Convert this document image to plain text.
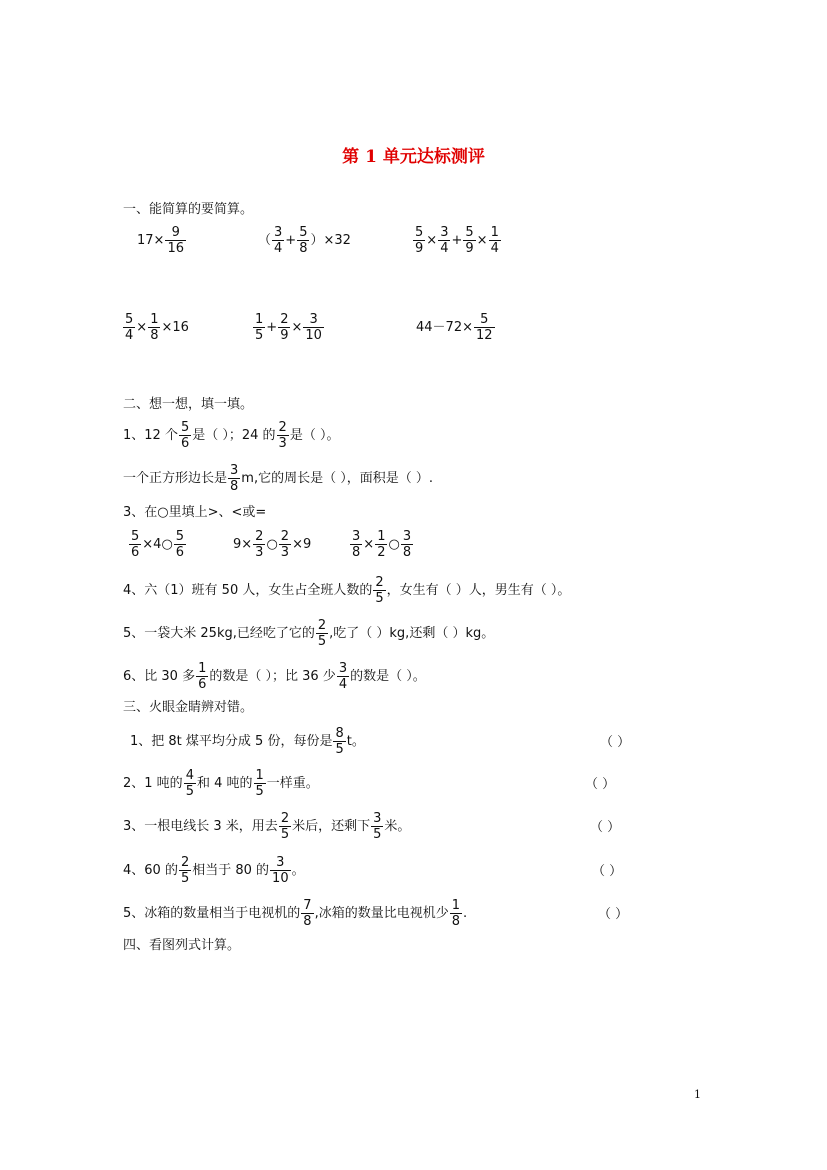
第 1 单元达标测评
一、能简算的要简算。
$17\times \frac{9}{16}$	（ $\frac{3}{4} + \frac{5}{8} )\times 32$	$\frac{5}{9} \times \frac{3}{4} + \frac{5}{9} \times \frac{1}{4}$
$\frac{5}{4} \times \frac{1}{8} \times 16$	$\frac{1}{5} + \frac{2}{9} \times \frac{3}{10}$	$44-72\times \frac{5}{12}$
二、想一想，填一填。
1、12 个 $\frac{5}{6}$ 是（ ）；24 的 $\frac{2}{3}$ 是（ ）。
一个正方形边长是 $\frac{3}{8} m$,它的周长是（ ），面积是（ ）.
3、在○里填上>、<或=
$\frac{5}{6}$ ×4○ $\frac{5}{6}$	$9\times \frac{2}{3}$ ○ $\frac{2}{3} \times 9$	$\frac{3}{8} \times \frac{1}{2}$ ○ $\frac{3}{8}$
4、六（1）班有 50 人，女生占全班人数的 $\frac{2}{5}$ ，女生有（ ）人，男生有（ ）。
5、一袋大米 25kg,已经吃了它的 $\frac{2}{5}$ ,吃了（ ）kg,还剩（ ）kg。
6、比 30 多 $\frac{1}{6}$ 的数是（ ）；比 36 少 $\frac{3}{4}$ 的数是（ ）。
三、火眼金睛辨对错。
1、把 8t 煤平均分成 5 份，每份是 $\frac{8}{5}$ t。	（ ）
2、1 吨的 $\frac{4}{5}$ 和 4 吨的 $\frac{1}{5}$ 一样重。	（ ）
3、一根电线长 3 米，用去 $\frac{2}{5}$ 米后，还剩下 $\frac{3}{5}$ 米。	（ ）
4、60 的 $\frac{2}{5}$ 相当于 80 的 $\frac{3}{10}$ 。	（ ）
5、冰箱的数量相当于电视机的 $\frac{7}{8}$ ,冰箱的数量比电视机少 $\frac{1}{8}$ .	（ ）
四、看图列式计算。
1
